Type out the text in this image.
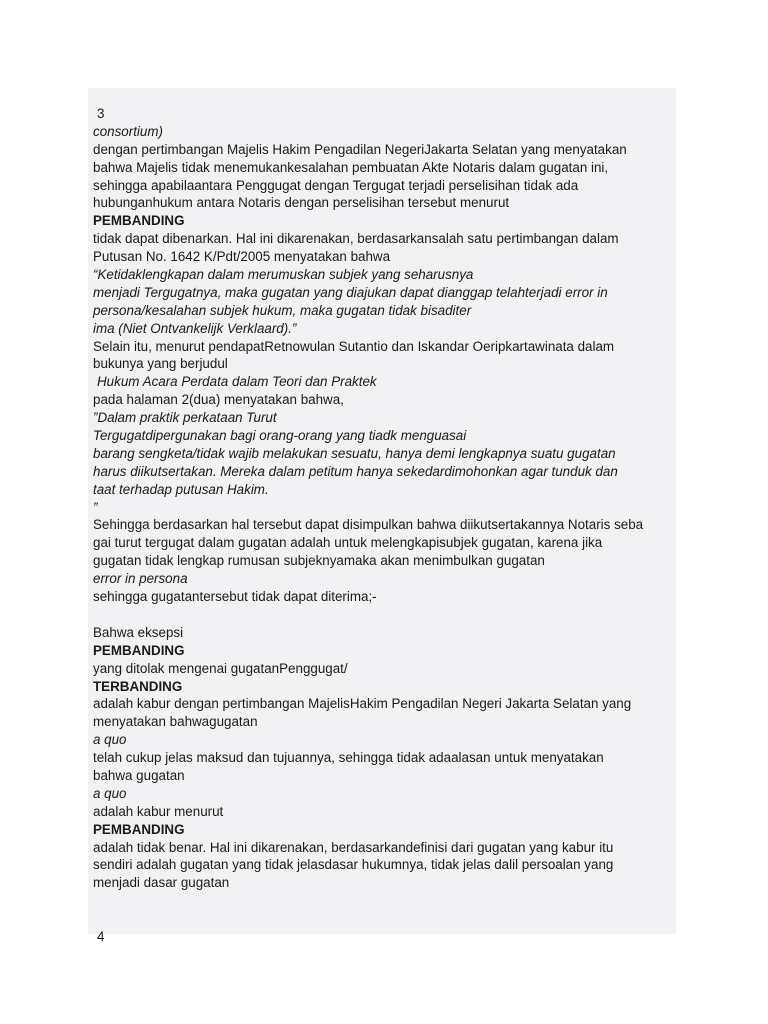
3
consortium)
dengan pertimbangan Majelis Hakim Pengadilan NegeriJakarta Selatan yang menyatakan
bahwa Majelis tidak menemukankesalahan pembuatan Akte Notaris dalam gugatan ini,
sehingga apabilaantara Penggugat dengan Tergugat terjadi perselisihan tidak ada
hubunganhukum antara Notaris dengan perselisihan tersebut menurut
PEMBANDING
tidak dapat dibenarkan. Hal ini dikarenakan, berdasarkansalah satu pertimbangan dalam
Putusan No. 1642 K/Pdt/2005 menyatakan bahwa
“Ketidaklengkapan dalam merumuskan subjek yang seharusnya
menjadi Tergugatnya, maka gugatan yang diajukan dapat dianggap telahterjadi error in
persona/kesalahan subjek hukum, maka gugatan tidak bisaditer
ima (Niet Ontvankelijk Verklaard).”
Selain itu, menurut pendapatRetnowulan Sutantio dan Iskandar Oeripkartawinata dalam
bukunya yang berjudul
Hukum Acara Perdata dalam Teori dan Praktek
pada halaman 2(dua) menyatakan bahwa,
”Dalam praktik perkataan Turut
Tergugatdipergunakan bagi orang-orang yang tiadk menguasai
barang sengketa/tidak wajib melakukan sesuatu, hanya demi lengkapnya suatu gugatan
harus diikutsertakan. Mereka dalam petitum hanya sekedardimohonkan agar tunduk dan
taat terhadap putusan Hakim.
”
Sehingga berdasarkan hal tersebut dapat disimpulkan bahwa diikutsertakannya Notaris seba
gai turut tergugat dalam gugatan adalah untuk melengkapisubjek gugatan, karena jika
gugatan tidak lengkap rumusan subjeknyamaka akan menimbulkan gugatan
error in persona
sehingga gugatantersebut tidak dapat diterima;-
Bahwa eksepsi
PEMBANDING
yang ditolak mengenai gugatanPenggugat/
TERBANDING
adalah kabur dengan pertimbangan MajelisHakim Pengadilan Negeri Jakarta Selatan yang
menyatakan bahwagugatan
a quo
telah cukup jelas maksud dan tujuannya, sehingga tidak adaalasan untuk menyatakan
bahwa gugatan
a quo
adalah kabur menurut
PEMBANDING
adalah tidak benar. Hal ini dikarenakan, berdasarkandefinisi dari gugatan yang kabur itu
sendiri adalah gugatan yang tidak jelasdasar hukumnya, tidak jelas dalil persoalan yang
menjadi dasar gugatan
4
